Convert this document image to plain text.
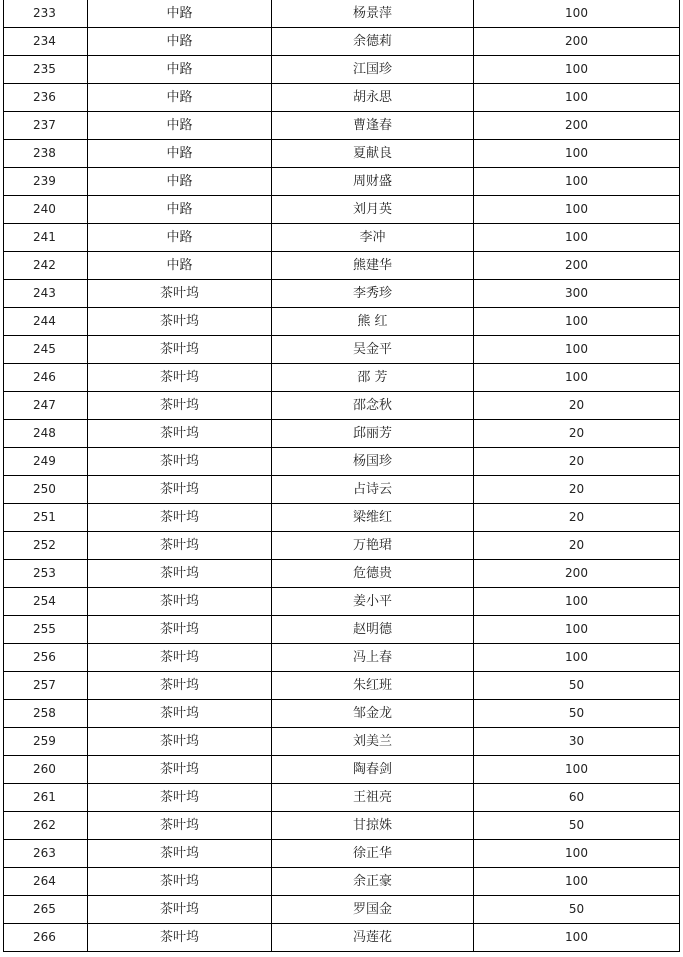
233	中路	杨景萍	100
234	中路	余德莉	200
235	中路	江国珍	100
236	中路	胡永思	100
237	中路	曹逢春	200
238	中路	夏献良	100
239	中路	周财盛	100
240	中路	刘月英	100
241	中路	李冲	100
242	中路	熊建华	200
243	茶叶坞	李秀珍	300
244	茶叶坞	熊 红	100
245	茶叶坞	吴金平	100
246	茶叶坞	邵 芳	100
247	茶叶坞	邵念秋	20
248	茶叶坞	邱丽芳	20
249	茶叶坞	杨国珍	20
250	茶叶坞	占诗云	20
251	茶叶坞	梁维红	20
252	茶叶坞	万艳珺	20
253	茶叶坞	危德贵	200
254	茶叶坞	姜小平	100
255	茶叶坞	赵明德	100
256	茶叶坞	冯上春	100
257	茶叶坞	朱红班	50
258	茶叶坞	邹金龙	50
259	茶叶坞	刘美兰	30
260	茶叶坞	陶春剑	100
261	茶叶坞	王祖亮	60
262	茶叶坞	甘掠姝	50
263	茶叶坞	徐正华	100
264	茶叶坞	余正豪	100
265	茶叶坞	罗国金	50
266	茶叶坞	冯莲花	100
